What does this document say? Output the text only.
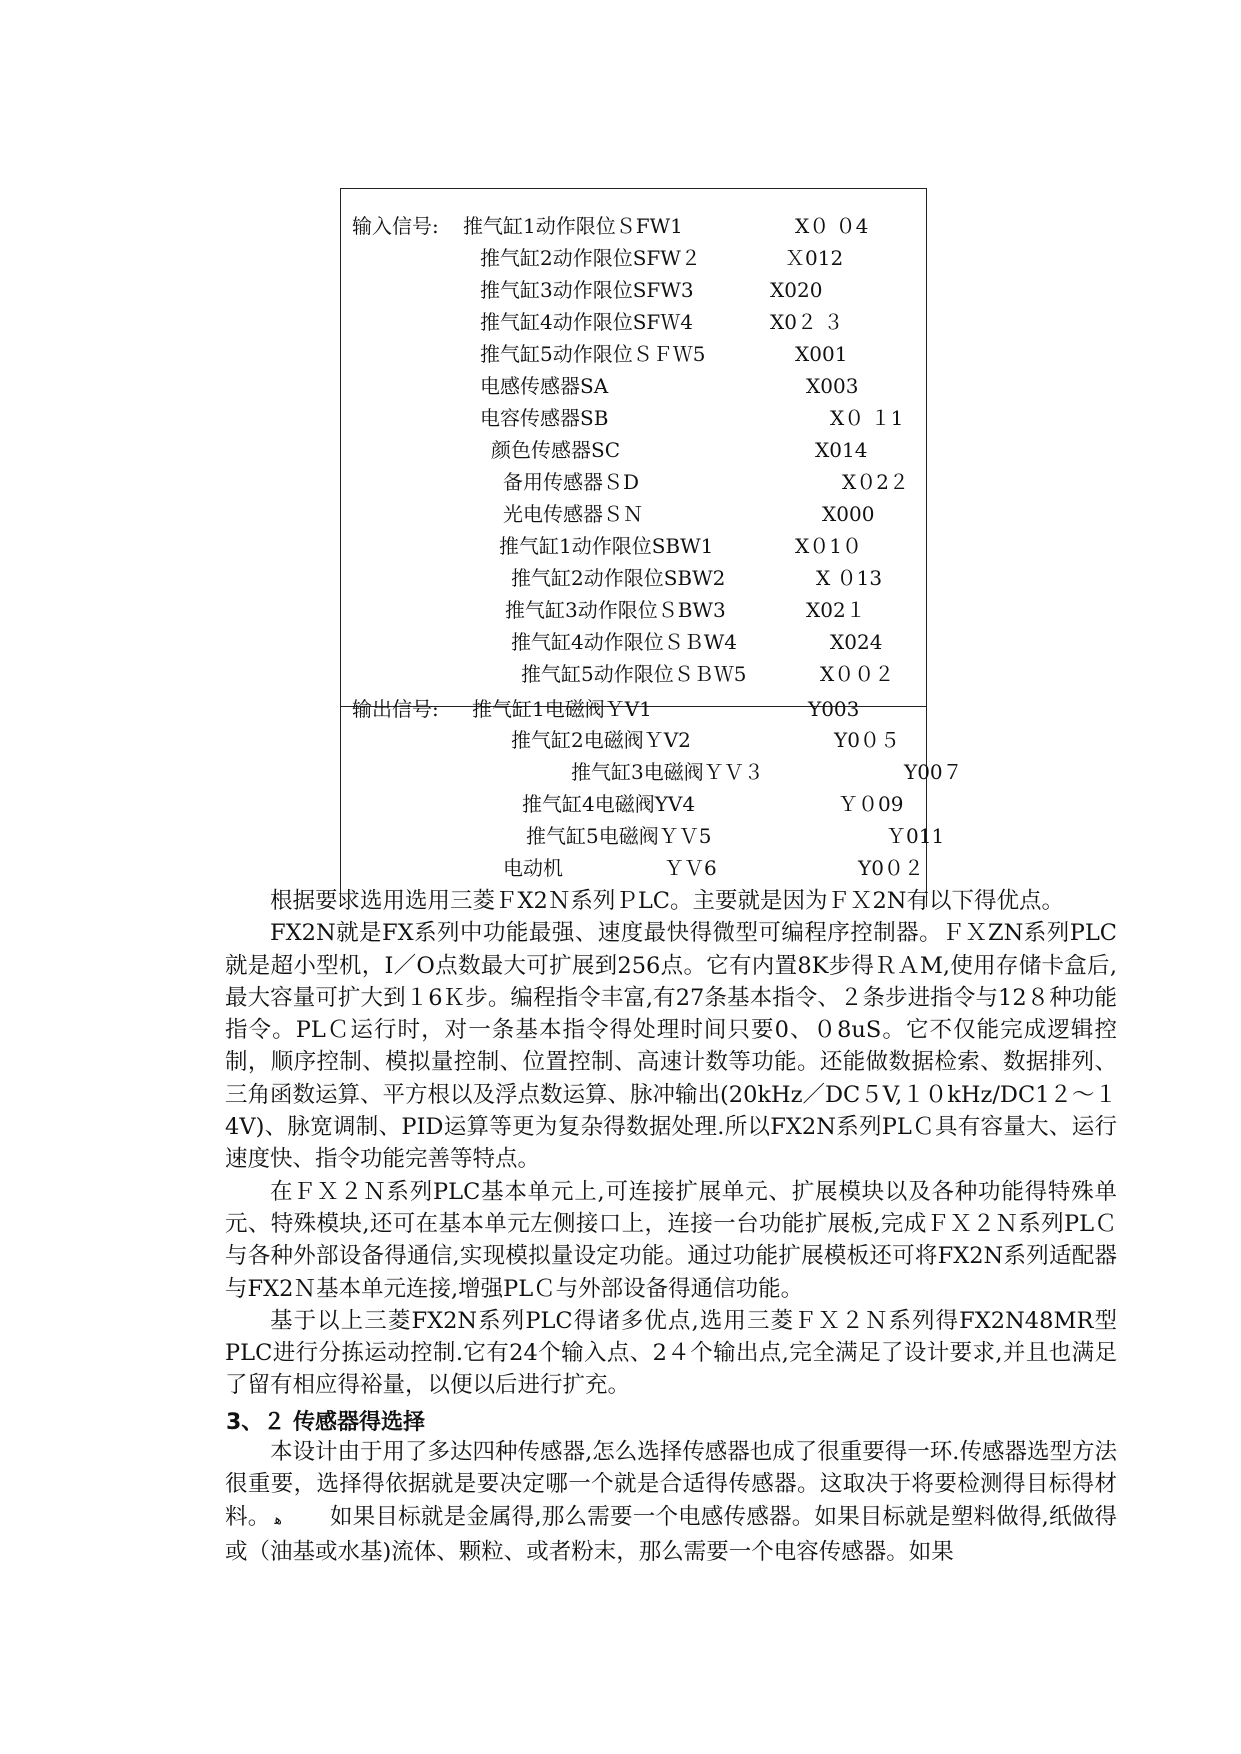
输入信号: 推气缸1动作限位ＳFW1	X０ ０4
推气缸2动作限位SFW２	Ｘ012
推气缸3动作限位SFW3	X020
推气缸4动作限位SFＷ4	X0２ ３
推气缸5动作限位ＳＦＷ5	X001
电感传感器SA	X003
电容传感器SB	X０ １1
颜色传感器SC	X014
备用传感器ＳD	X０2２
光电传感器ＳＮ	X000
推气缸1动作限位SBW1	X０1０
推气缸2动作限位SBW2	X ０13
推气缸3动作限位ＳBW3	X02１
推气缸4动作限位ＳＢW4	X024
推气缸5动作限位ＳＢＷ5	X００２
输出信号: 推气缸1电磁阀ＹV1	Y003
推气缸2电磁阀ＹV2	Y0０５
推气缸3电磁阀ＹＶ３	Y00７
推气缸4电磁阀YV4	Ｙ０09
推气缸5电磁阀ＹＶ5	Ｙ011
电动机	ＹＶ6	Y0０２

根据要求选用选用三菱ＦX2Ｎ系列ＰLC。主要就是因为ＦＸ2N有以下得优点。

FX2N就是FX系列中功能最强、速度最快得微型可编程序控制器。ＦＸZN系列PLC就是超小型机，I／O点数最大可扩展到256点。它有内置8K步得ＲＡM,使用存储卡盒后,最大容量可扩大到１6Ｋ步。编程指令丰富,有27条基本指令、２条步进指令与12８种功能指令。PLＣ运行时，对一条基本指令得处理时间只要0、０8uS。它不仅能完成逻辑控制，顺序控制、模拟量控制、位置控制、高速计数等功能。还能做数据检索、数据排列、三角函数运算、平方根以及浮点数运算、脉冲输出(20kHz／DC５V,１０kHz/DC1２～１4V)、脉宽调制、PID运算等更为复杂得数据处理.所以FX2N系列PLＣ具有容量大、运行速度快、指令功能完善等特点。

在ＦＸ２Ｎ系列PLC基本单元上,可连接扩展单元、扩展模块以及各种功能得特殊单元、特殊模块,还可在基本单元左侧接口上，连接一台功能扩展板,完成ＦＸ２Ｎ系列PLＣ与各种外部设备得通信,实现模拟量设定功能。通过功能扩展模板还可将FX2N系列适配器与FX2Ｎ基本单元连接,增强PLＣ与外部设备得通信功能。

基于以上三菱FX2N系列PLC得诸多优点,选用三菱ＦＸ２Ｎ系列得FX2N48MR型PLC进行分拣运动控制.它有24个输入点、2４个输出点,完全满足了设计要求,并且也满足了留有相应得裕量，以便以后进行扩充。

3、２ 传感器得选择

本设计由于用了多达四种传感器,怎么选择传感器也成了很重要得一环.传感器选型方法很重要，选择得依据就是要决定哪一个就是合适得传感器。这取决于将要检测得目标得材料。 ﻫ 如果目标就是金属得,那么需要一个电感传感器。如果目标就是塑料做得,纸做得或（油基或水基)流体、颗粒、或者粉末，那么需要一个电容传感器。如果
